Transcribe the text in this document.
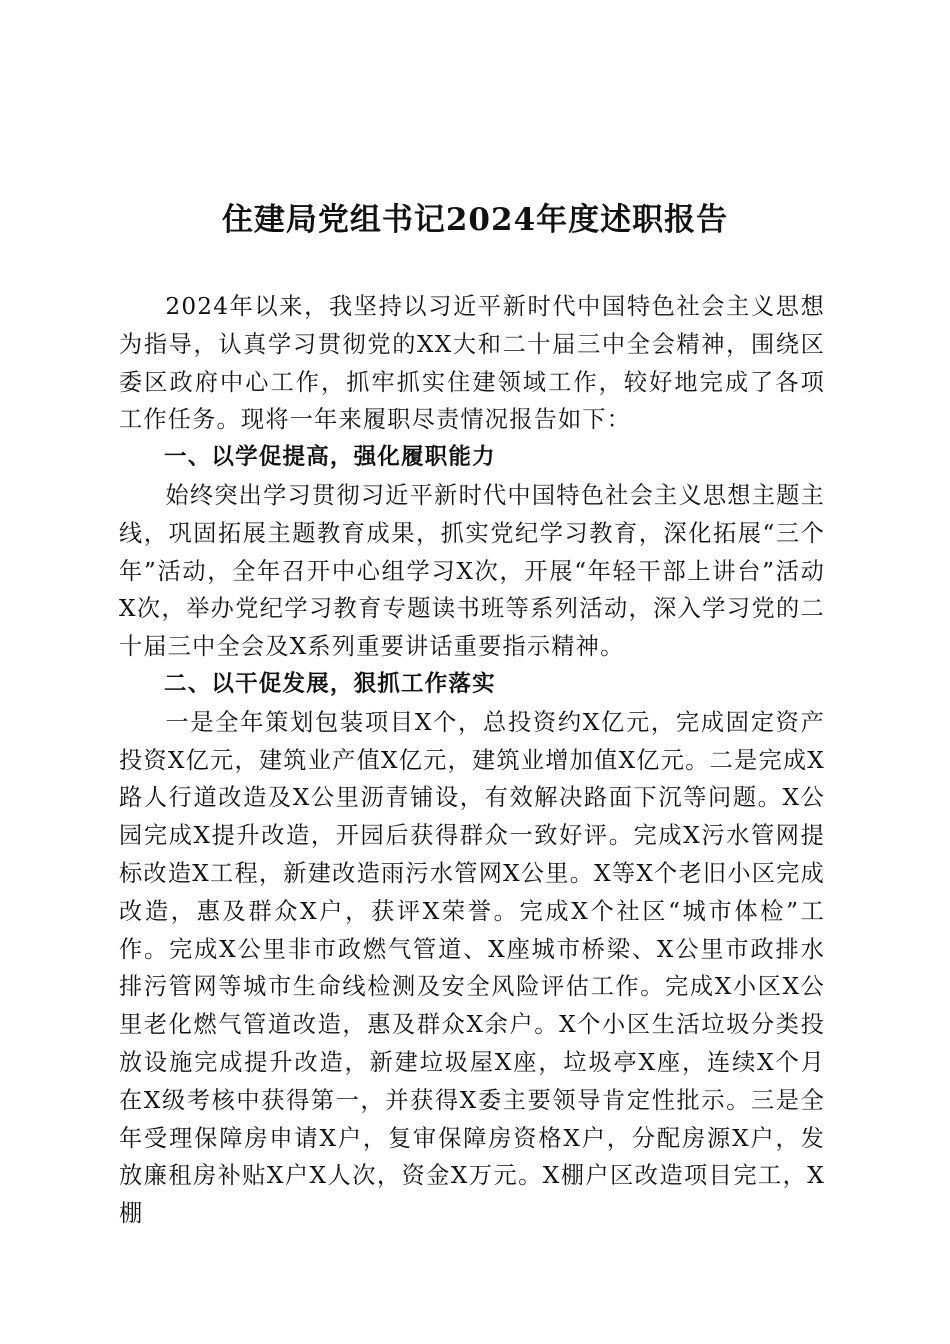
住建局党组书记2024年度述职报告

2024年以来，我坚持以习近平新时代中国特色社会主义思想为指导，认真学习贯彻党的XX大和二十届三中全会精神，围绕区委区政府中心工作，抓牢抓实住建领域工作，较好地完成了各项工作任务。现将一年来履职尽责情况报告如下：

一、以学促提高，强化履职能力

始终突出学习贯彻习近平新时代中国特色社会主义思想主题主线，巩固拓展主题教育成果，抓实党纪学习教育，深化拓展“三个年”活动，全年召开中心组学习X次，开展“年轻干部上讲台”活动X次，举办党纪学习教育专题读书班等系列活动，深入学习党的二十届三中全会及X系列重要讲话重要指示精神。

二、以干促发展，狠抓工作落实

一是全年策划包装项目X个，总投资约X亿元，完成固定资产投资X亿元，建筑业产值X亿元，建筑业增加值X亿元。二是完成X路人行道改造及X公里沥青铺设，有效解决路面下沉等问题。X公园完成X提升改造，开园后获得群众一致好评。完成X污水管网提标改造X工程，新建改造雨污水管网X公里。X等X个老旧小区完成改造，惠及群众X户，获评X荣誉。完成X个社区“城市体检”工作。完成X公里非市政燃气管道、X座城市桥梁、X公里市政排水排污管网等城市生命线检测及安全风险评估工作。完成X小区X公里老化燃气管道改造，惠及群众X余户。X个小区生活垃圾分类投放设施完成提升改造，新建垃圾屋X座，垃圾亭X座，连续X个月在X级考核中获得第一，并获得X委主要领导肯定性批示。三是全年受理保障房申请X户，复审保障房资格X户，分配房源X户，发放廉租房补贴X户X人次，资金X万元。X棚户区改造项目完工，X棚
